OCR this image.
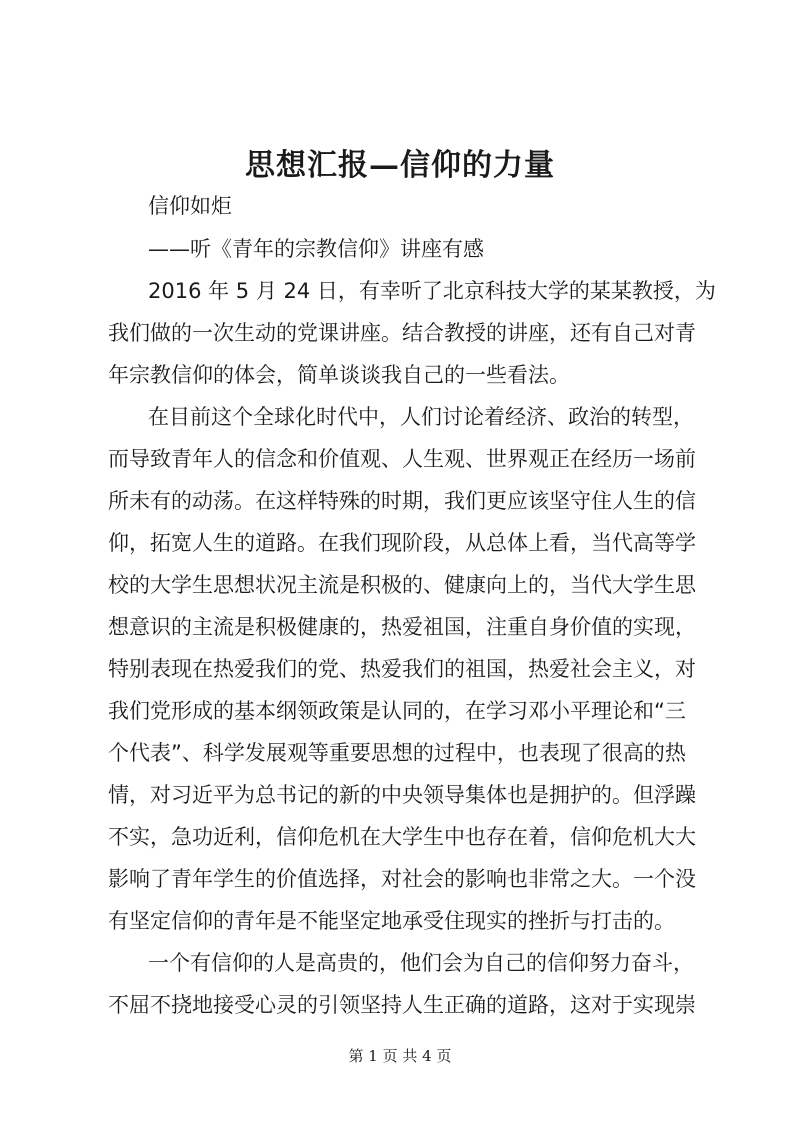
思想汇报—信仰的力量
信仰如炬
——听《青年的宗教信仰》讲座有感
2016 年 5 月 24 日，有幸听了北京科技大学的某某教授，为
我们做的一次生动的党课讲座。结合教授的讲座，还有自己对青
年宗教信仰的体会，简单谈谈我自己的一些看法。
在目前这个全球化时代中，人们讨论着经济、政治的转型，
而导致青年人的信念和价值观、人生观、世界观正在经历一场前
所未有的动荡。在这样特殊的时期，我们更应该坚守住人生的信
仰，拓宽人生的道路。在我们现阶段，从总体上看，当代高等学
校的大学生思想状况主流是积极的、健康向上的，当代大学生思
想意识的主流是积极健康的，热爱祖国，注重自身价值的实现，
特别表现在热爱我们的党、热爱我们的祖国，热爱社会主义，对
我们党形成的基本纲领政策是认同的，在学习邓小平理论和“三
个代表”、科学发展观等重要思想的过程中，也表现了很高的热
情，对习近平为总书记的新的中央领导集体也是拥护的。但浮躁
不实，急功近利，信仰危机在大学生中也存在着，信仰危机大大
影响了青年学生的价值选择，对社会的影响也非常之大。一个没
有坚定信仰的青年是不能坚定地承受住现实的挫折与打击的。
一个有信仰的人是高贵的，他们会为自己的信仰努力奋斗，
不屈不挠地接受心灵的引领坚持人生正确的道路，这对于实现崇
第 1 页 共 4 页
